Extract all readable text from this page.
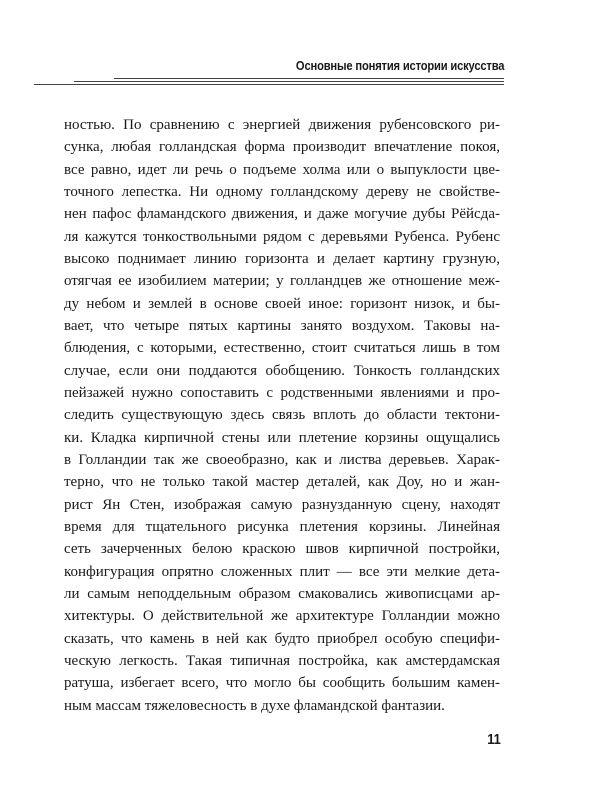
Основные понятия истории искусства
ностью. По сравнению с энергией движения рубенсовского ри-
сунка, любая голландская форма производит впечатление покоя,
все равно, идет ли речь о подъеме холма или о выпуклости цве-
точного лепестка. Ни одному голландскому дереву не свойстве-
нен пафос фламандского движения, и даже могучие дубы Рёйсда-
ля кажутся тонкоствольными рядом с деревьями Рубенса. Рубенс
высоко поднимает линию горизонта и делает картину грузную,
отягчая ее изобилием материи; у голландцев же отношение меж-
ду небом и землей в основе своей иное: горизонт низок, и бы-
вает, что четыре пятых картины занято воздухом. Таковы на-
блюдения, с которыми, естественно, стоит считаться лишь в том
случае, если они поддаются обобщению. Тонкость голландских
пейзажей нужно сопоставить с родственными явлениями и про-
следить существующую здесь связь вплоть до области тектони-
ки. Кладка кирпичной стены или плетение корзины ощущались
в Голландии так же своеобразно, как и листва деревьев. Харак-
терно, что не только такой мастер деталей, как Доу, но и жан-
рист Ян Стен, изображая самую разнузданную сцену, находят
время для тщательного рисунка плетения корзины. Линейная
сеть зачерченных белою краскою швов кирпичной постройки,
конфигурация опрятно сложенных плит — все эти мелкие дета-
ли самым неподдельным образом смаковались живописцами ар-
хитектуры. О действительной же архитектуре Голландии можно
сказать, что камень в ней как будто приобрел особую специфи-
ческую легкость. Такая типичная постройка, как амстердамская
ратуша, избегает всего, что могло бы сообщить большим камен-
ным массам тяжеловесность в духе фламандской фантазии.
11
